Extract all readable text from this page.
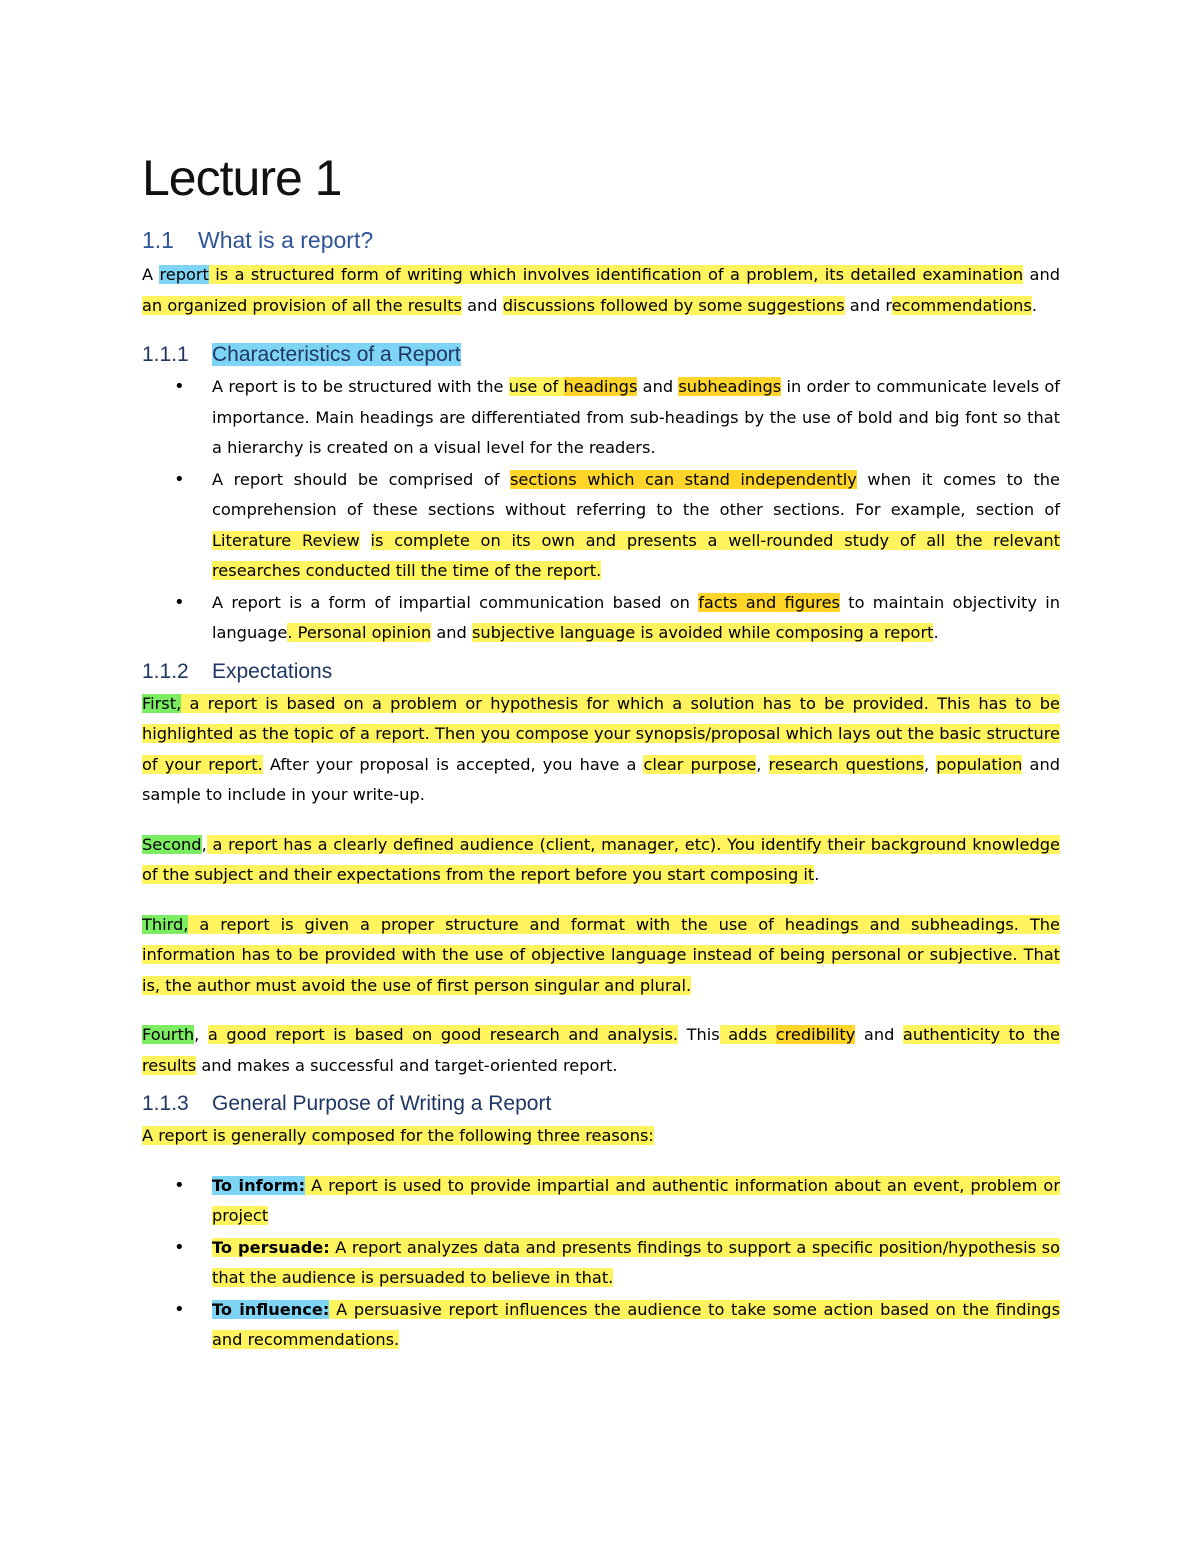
Lecture 1
1.1 What is a report?

A report is a structured form of writing which involves identification of a problem, its detailed examination and an organized provision of all the results and discussions followed by some suggestions and recommendations.

1.1.1 Characteristics of a Report
• A report is to be structured with the use of headings and subheadings in order to communicate levels of importance. Main headings are differentiated from sub-headings by the use of bold and big font so that a hierarchy is created on a visual level for the readers.
• A report should be comprised of sections which can stand independently when it comes to the comprehension of these sections without referring to the other sections. For example, section of Literature Review is complete on its own and presents a well-rounded study of all the relevant researches conducted till the time of the report.
• A report is a form of impartial communication based on facts and figures to maintain objectivity in language. Personal opinion and subjective language is avoided while composing a report.
1.1.2 Expectations

First, a report is based on a problem or hypothesis for which a solution has to be provided. This has to be highlighted as the topic of a report. Then you compose your synopsis/proposal which lays out the basic structure of your report. After your proposal is accepted, you have a clear purpose, research questions, population and sample to include in your write-up.

Second, a report has a clearly defined audience (client, manager, etc). You identify their background knowledge of the subject and their expectations from the report before you start composing it.

Third, a report is given a proper structure and format with the use of headings and subheadings. The information has to be provided with the use of objective language instead of being personal or subjective. That is, the author must avoid the use of first person singular and plural.

Fourth, a good report is based on good research and analysis. This adds credibility and authenticity to the results and makes a successful and target-oriented report.

1.1.3 General Purpose of Writing a Report

A report is generally composed for the following three reasons:

• To inform: A report is used to provide impartial and authentic information about an event, problem or project
• To persuade: A report analyzes data and presents findings to support a specific position/hypothesis so that the audience is persuaded to believe in that.
• To influence: A persuasive report influences the audience to take some action based on the findings and recommendations.
